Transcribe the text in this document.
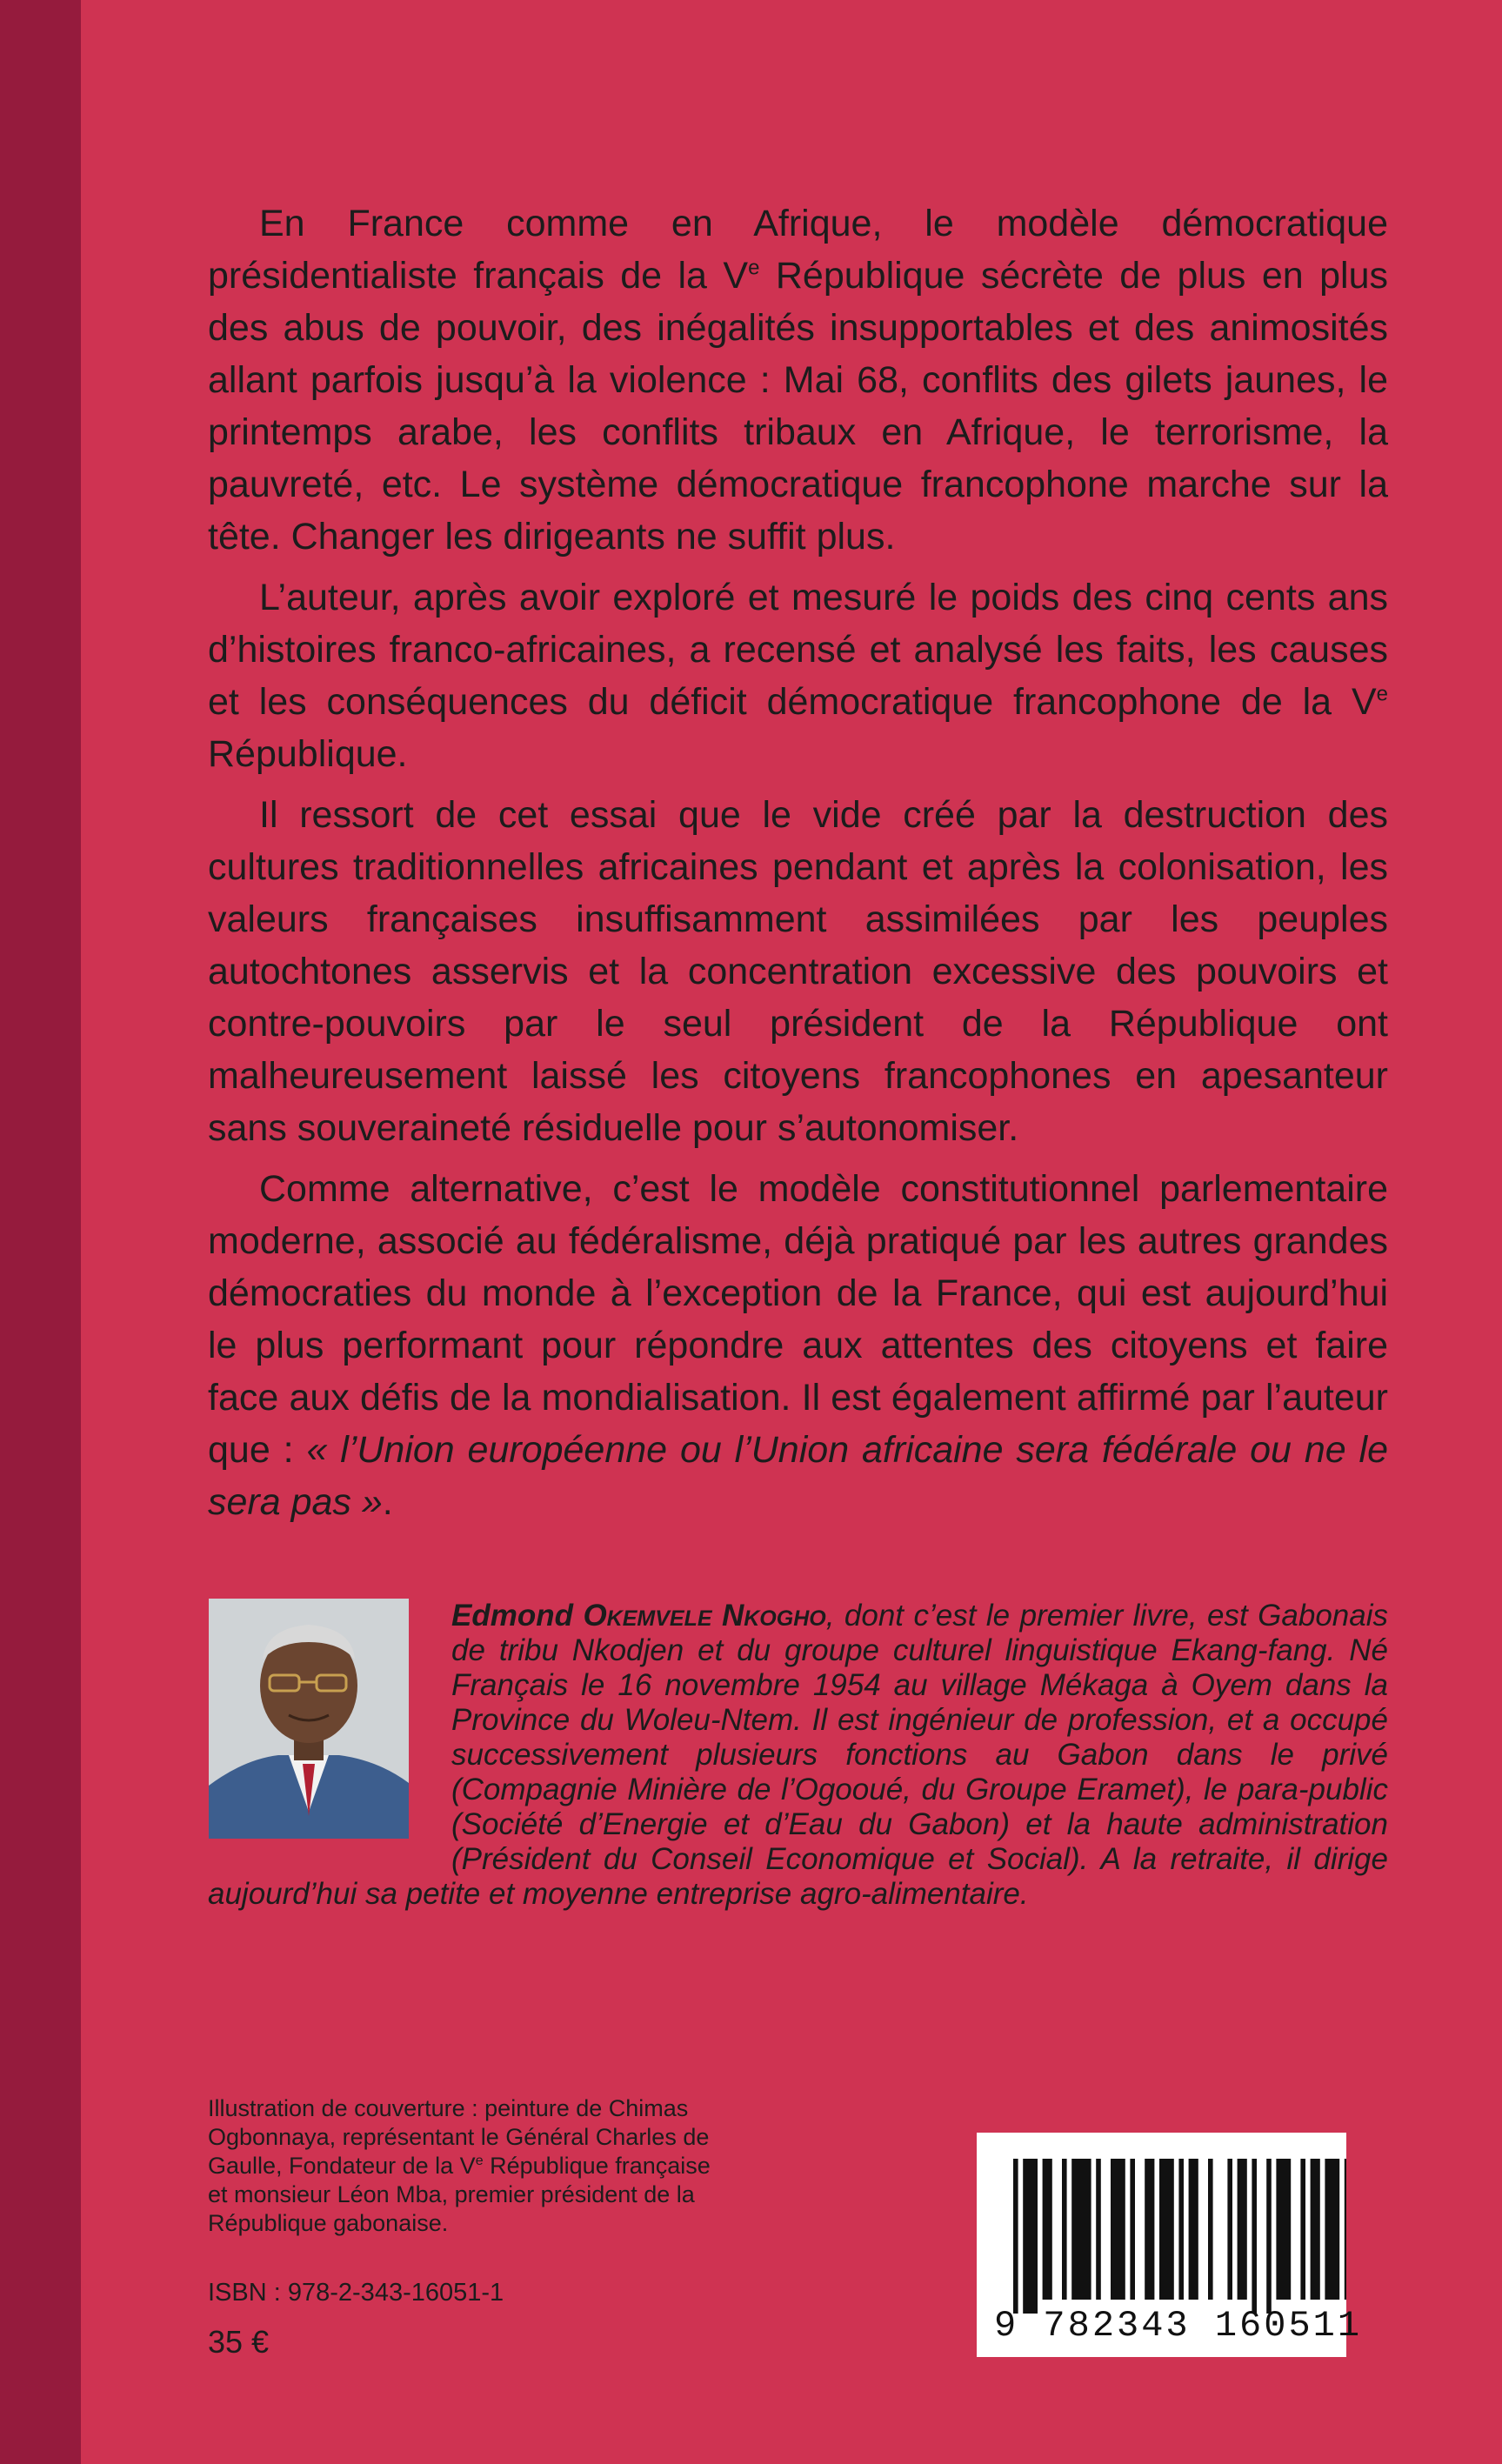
En France comme en Afrique, le modèle démocratique présidentialiste français de la Ve République sécrète de plus en plus des abus de pouvoir, des inégalités insupportables et des animosités allant parfois jusqu’à la violence : Mai 68, conflits des gilets jaunes, le printemps arabe, les conflits tribaux en Afrique, le terrorisme, la pauvreté, etc. Le système démocratique francophone marche sur la tête. Changer les dirigeants ne suffit plus.

L’auteur, après avoir exploré et mesuré le poids des cinq cents ans d’histoires franco-africaines, a recensé et analysé les faits, les causes et les conséquences du déficit démocratique francophone de la Ve République.

Il ressort de cet essai que le vide créé par la destruction des cultures traditionnelles africaines pendant et après la colonisation, les valeurs françaises insuffisamment assimilées par les peuples autochtones asservis et la concentration excessive des pouvoirs et contre-pouvoirs par le seul président de la République ont malheureusement laissé les citoyens francophones en apesanteur sans souveraineté résiduelle pour s’autonomiser.

Comme alternative, c’est le modèle constitutionnel parlementaire moderne, associé au fédéralisme, déjà pratiqué par les autres grandes démocraties du monde à l’exception de la France, qui est aujourd’hui le plus performant pour répondre aux attentes des citoyens et faire face aux défis de la mondialisation. Il est également affirmé par l’auteur que : « l’Union européenne ou l’Union africaine sera fédérale ou ne le sera pas ».

Edmond Okemvele Nkogho, dont c’est le premier livre, est Gabonais de tribu Nkodjen et du groupe culturel linguistique Ekang-fang. Né Français le 16 novembre 1954 au village Mékaga à Oyem dans la Province du Woleu-Ntem. Il est ingénieur de profession, et a occupé successivement plusieurs fonctions au Gabon dans le privé (Compagnie Minière de l’Ogooué, du Groupe Eramet), le para-public (Société d’Energie et d’Eau du Gabon) et la haute administration (Président du Conseil Economique et Social). A la retraite, il dirige aujourd’hui sa petite et moyenne entreprise agro-alimentaire.
Illustration de couverture : peinture de Chimas Ogbonnaya, représentant le Général Charles de Gaulle, Fondateur de la Ve République française et monsieur Léon Mba, premier président de la République gabonaise.
ISBN : 978-2-343-16051-1
35 €	9 782343 160511
